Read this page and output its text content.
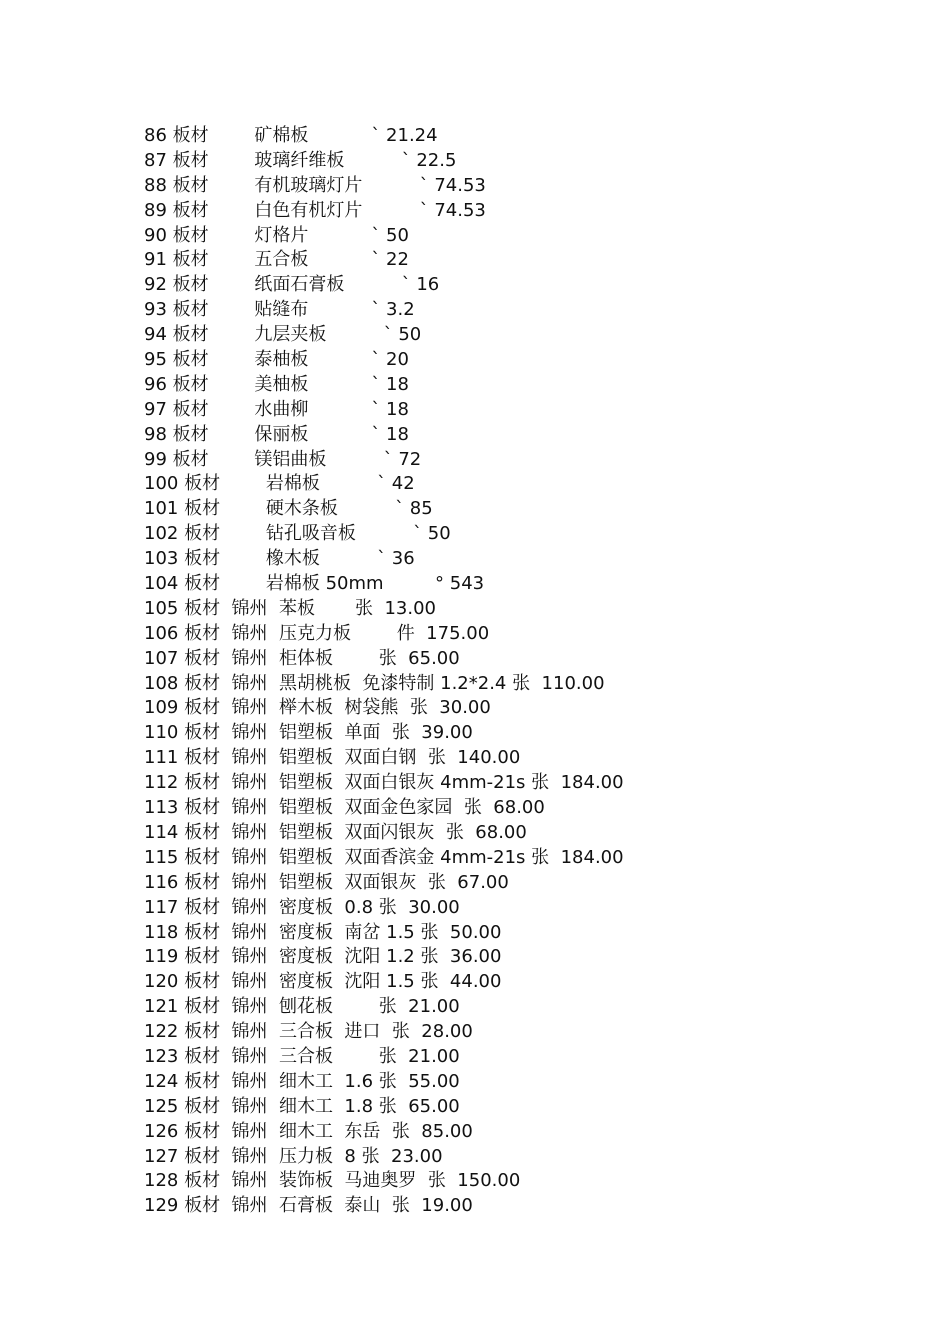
86 板材        矿棉板           ` 21.24
87 板材        玻璃纤维板          ` 22.5
88 板材        有机玻璃灯片          ` 74.53
89 板材        白色有机灯片          ` 74.53
90 板材        灯格片           ` 50
91 板材        五合板           ` 22
92 板材        纸面石膏板          ` 16
93 板材        贴缝布           ` 3.2
94 板材        九层夹板          ` 50
95 板材        泰柚板           ` 20
96 板材        美柚板           ` 18
97 板材        水曲柳           ` 18
98 板材        保丽板           ` 18
99 板材        镁铝曲板          ` 72
100 板材        岩棉板          ` 42
101 板材        硬木条板          ` 85
102 板材        钻孔吸音板          ` 50
103 板材        橡木板          ` 36
104 板材        岩棉板 50mm         ° 543
105 板材  锦州  苯板       张  13.00
106 板材  锦州  压克力板        件  175.00
107 板材  锦州  柜体板        张  65.00
108 板材  锦州  黑胡桃板  免漆特制 1.2*2.4 张  110.00
109 板材  锦州  榉木板  树袋熊  张  30.00
110 板材  锦州  铝塑板  单面  张  39.00
111 板材  锦州  铝塑板  双面白钢  张  140.00
112 板材  锦州  铝塑板  双面白银灰 4mm-21s 张  184.00
113 板材  锦州  铝塑板  双面金色家园  张  68.00
114 板材  锦州  铝塑板  双面闪银灰  张  68.00
115 板材  锦州  铝塑板  双面香滨金 4mm-21s 张  184.00
116 板材  锦州  铝塑板  双面银灰  张  67.00
117 板材  锦州  密度板  0.8 张  30.00
118 板材  锦州  密度板  南岔 1.5 张  50.00
119 板材  锦州  密度板  沈阳 1.2 张  36.00
120 板材  锦州  密度板  沈阳 1.5 张  44.00
121 板材  锦州  刨花板        张  21.00
122 板材  锦州  三合板  进口  张  28.00
123 板材  锦州  三合板        张  21.00
124 板材  锦州  细木工  1.6 张  55.00
125 板材  锦州  细木工  1.8 张  65.00
126 板材  锦州  细木工  东岳  张  85.00
127 板材  锦州  压力板  8 张  23.00
128 板材  锦州  装饰板  马迪奥罗  张  150.00
129 板材  锦州  石膏板  泰山  张  19.00
